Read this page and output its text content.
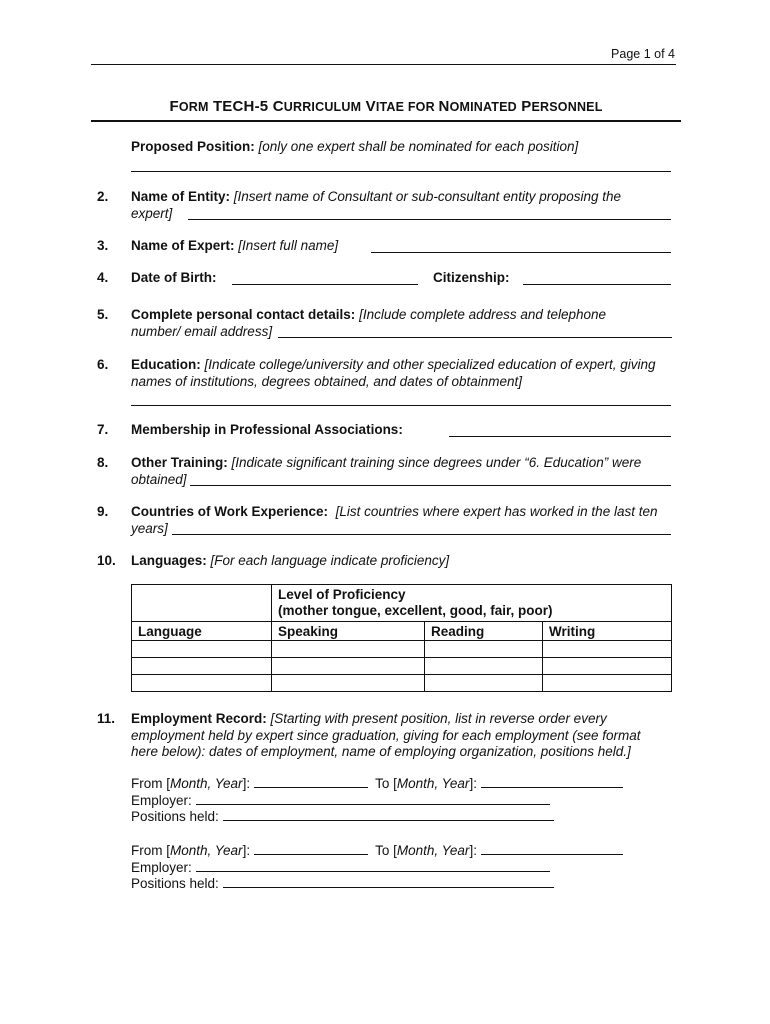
Page 1 of 4
FORM TECH-5 CURRICULUM VITAE FOR NOMINATED PERSONNEL
Proposed Position: [only one expert shall be nominated for each position]
2. Name of Entity: [Insert name of Consultant or sub-consultant entity proposing the
expert]
3. Name of Expert: [Insert full name]
4. Date of Birth:	Citizenship:
5. Complete personal contact details: [Include complete address and telephone
number/ email address]
6. Education: [Indicate college/university and other specialized education of expert, giving
names of institutions, degrees obtained, and dates of obtainment]
7. Membership in Professional Associations:
8. Other Training: [Indicate significant training since degrees under “6. Education” were
obtained]
9. Countries of Work Experience: [List countries where expert has worked in the last ten
years]
10. Languages: [For each language indicate proficiency]
	Level of Proficiency
(mother tongue, excellent, good, fair, poor)		
Language	Speaking	Reading	Writing

11. Employment Record: [Starting with present position, list in reverse order every
employment held by expert since graduation, giving for each employment (see format
here below): dates of employment, name of employing organization, positions held.]
From [Month, Year]:	To [Month, Year]:
Employer:
Positions held:
From [Month, Year]:	To [Month, Year]:
Employer:
Positions held:
